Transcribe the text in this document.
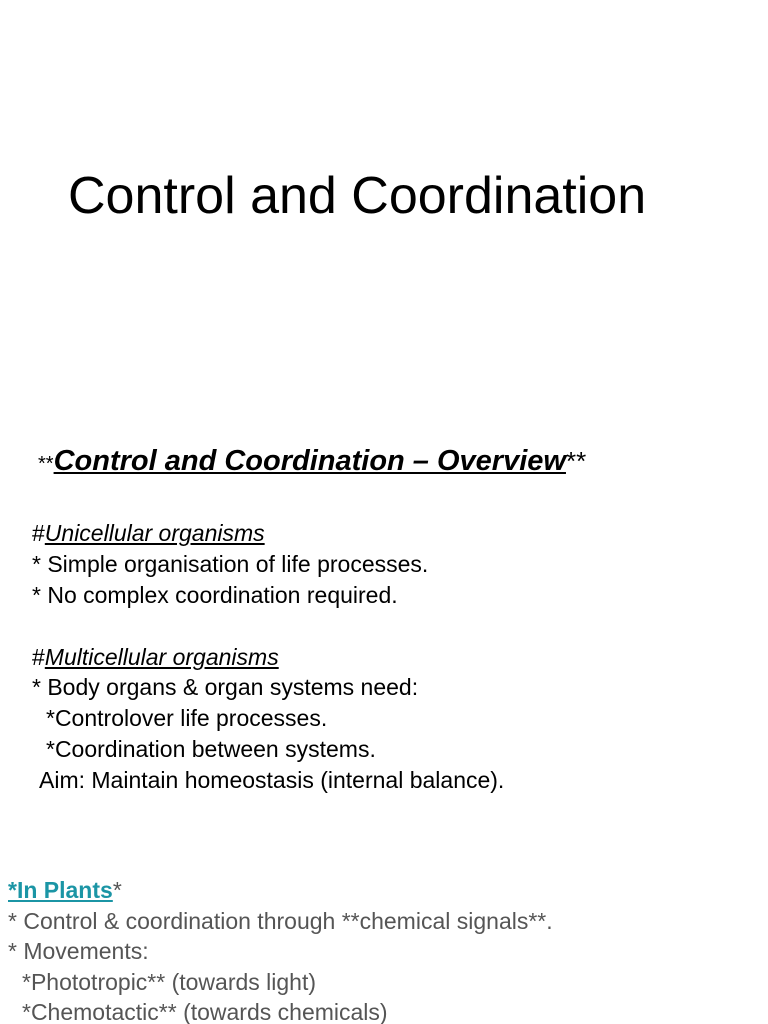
Control and Coordination
**Control and Coordination – Overview**
#Unicellular organisms
* Simple organisation of life processes.
* No complex coordination required.
#Multicellular organisms
* Body organs & organ systems need:
*Controlover life processes.
*Coordination between systems.
Aim: Maintain homeostasis (internal balance).
*In Plants*
* Control & coordination through **chemical signals**.
* Movements:
*Phototropic** (towards light)
*Chemotactic** (towards chemicals)
